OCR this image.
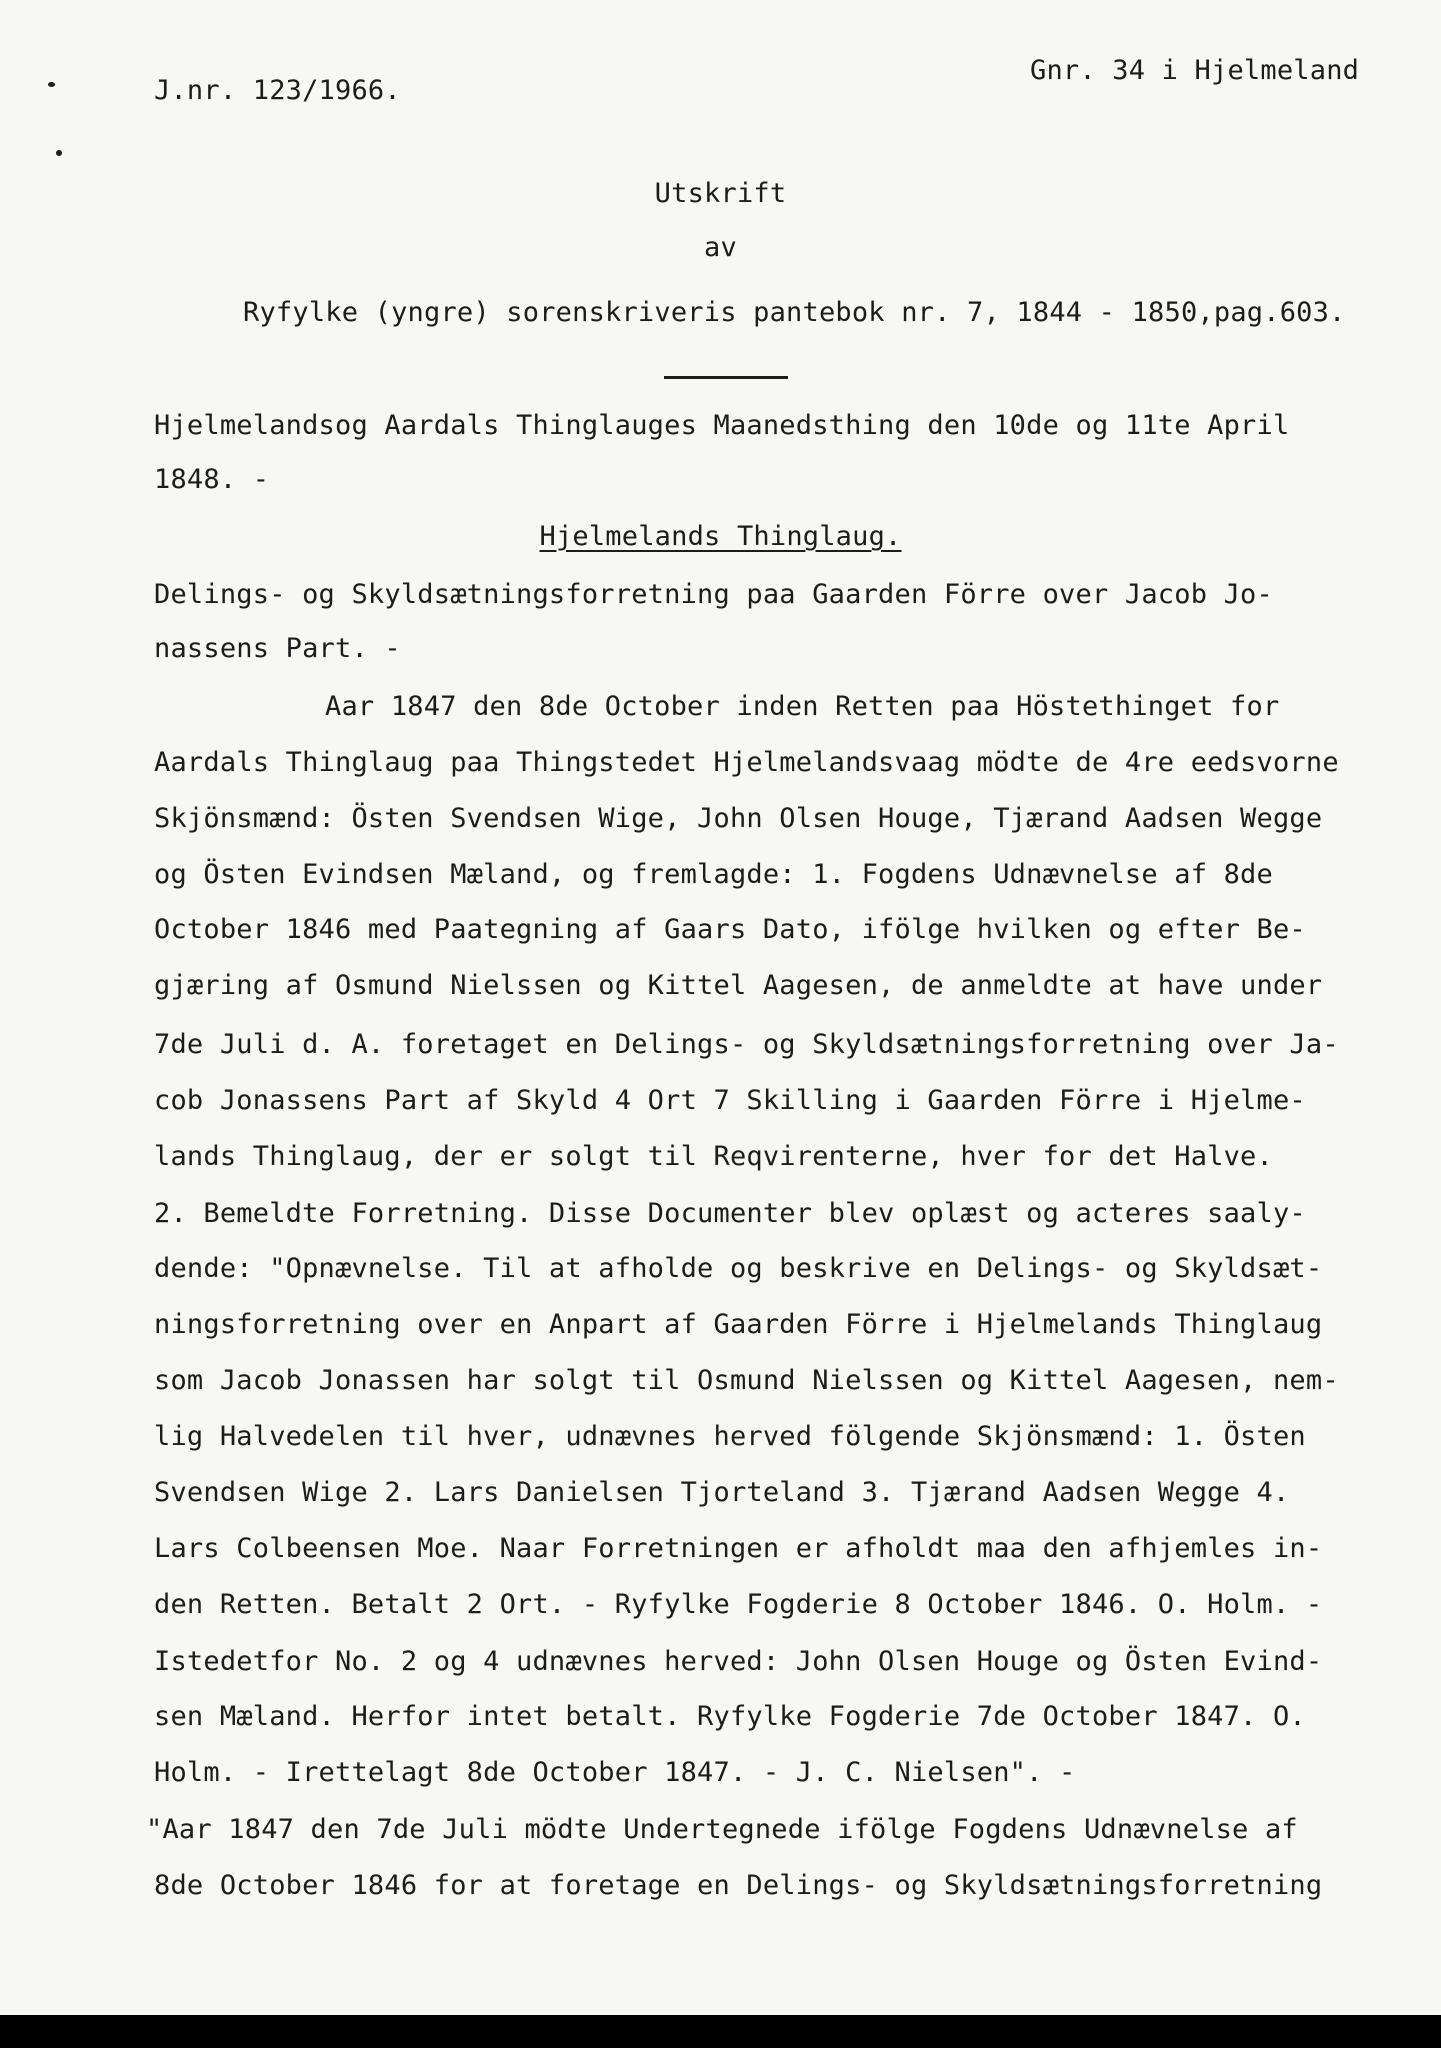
J.nr. 123/1966.
Gnr. 34 i Hjelmeland
Utskrift
av
Ryfylke (yngre) sorenskriveris pantebok nr. 7, 1844 - 1850,pag.603.
Hjelmelandsog Aardals Thinglauges Maanedsthing den 10de og 11te April
1848. -
Hjelmelands Thinglaug.
Delings- og Skyldsætningsforretning paa Gaarden Förre over Jacob Jo-
nassens Part. -
Aar 1847 den 8de October inden Retten paa Höstethinget for
Aardals Thinglaug paa Thingstedet Hjelmelandsvaag mödte de 4re eedsvorne
Skjönsmænd: Östen Svendsen Wige, John Olsen Houge, Tjærand Aadsen Wegge
og Östen Evindsen Mæland, og fremlagde: 1. Fogdens Udnævnelse af 8de
October 1846 med Paategning af Gaars Dato, ifölge hvilken og efter Be-
gjæring af Osmund Nielssen og Kittel Aagesen, de anmeldte at have under
7de Juli d. A. foretaget en Delings- og Skyldsætningsforretning over Ja-
cob Jonassens Part af Skyld 4 Ort 7 Skilling i Gaarden Förre i Hjelme-
lands Thinglaug, der er solgt til Reqvirenterne, hver for det Halve.
2. Bemeldte Forretning. Disse Documenter blev oplæst og acteres saaly-
dende: "Opnævnelse. Til at afholde og beskrive en Delings- og Skyldsæt-
ningsforretning over en Anpart af Gaarden Förre i Hjelmelands Thinglaug
som Jacob Jonassen har solgt til Osmund Nielssen og Kittel Aagesen, nem-
lig Halvedelen til hver, udnævnes herved fölgende Skjönsmænd: 1. Östen
Svendsen Wige 2. Lars Danielsen Tjorteland 3. Tjærand Aadsen Wegge 4.
Lars Colbeensen Moe. Naar Forretningen er afholdt maa den afhjemles in-
den Retten. Betalt 2 Ort. - Ryfylke Fogderie 8 October 1846. O. Holm. -
Istedetfor No. 2 og 4 udnævnes herved: John Olsen Houge og Östen Evind-
sen Mæland. Herfor intet betalt. Ryfylke Fogderie 7de October 1847. O.
Holm. - Irettelagt 8de October 1847. - J. C. Nielsen". -
"Aar 1847 den 7de Juli mödte Undertegnede ifölge Fogdens Udnævnelse af
8de October 1846 for at foretage en Delings- og Skyldsætningsforretning
